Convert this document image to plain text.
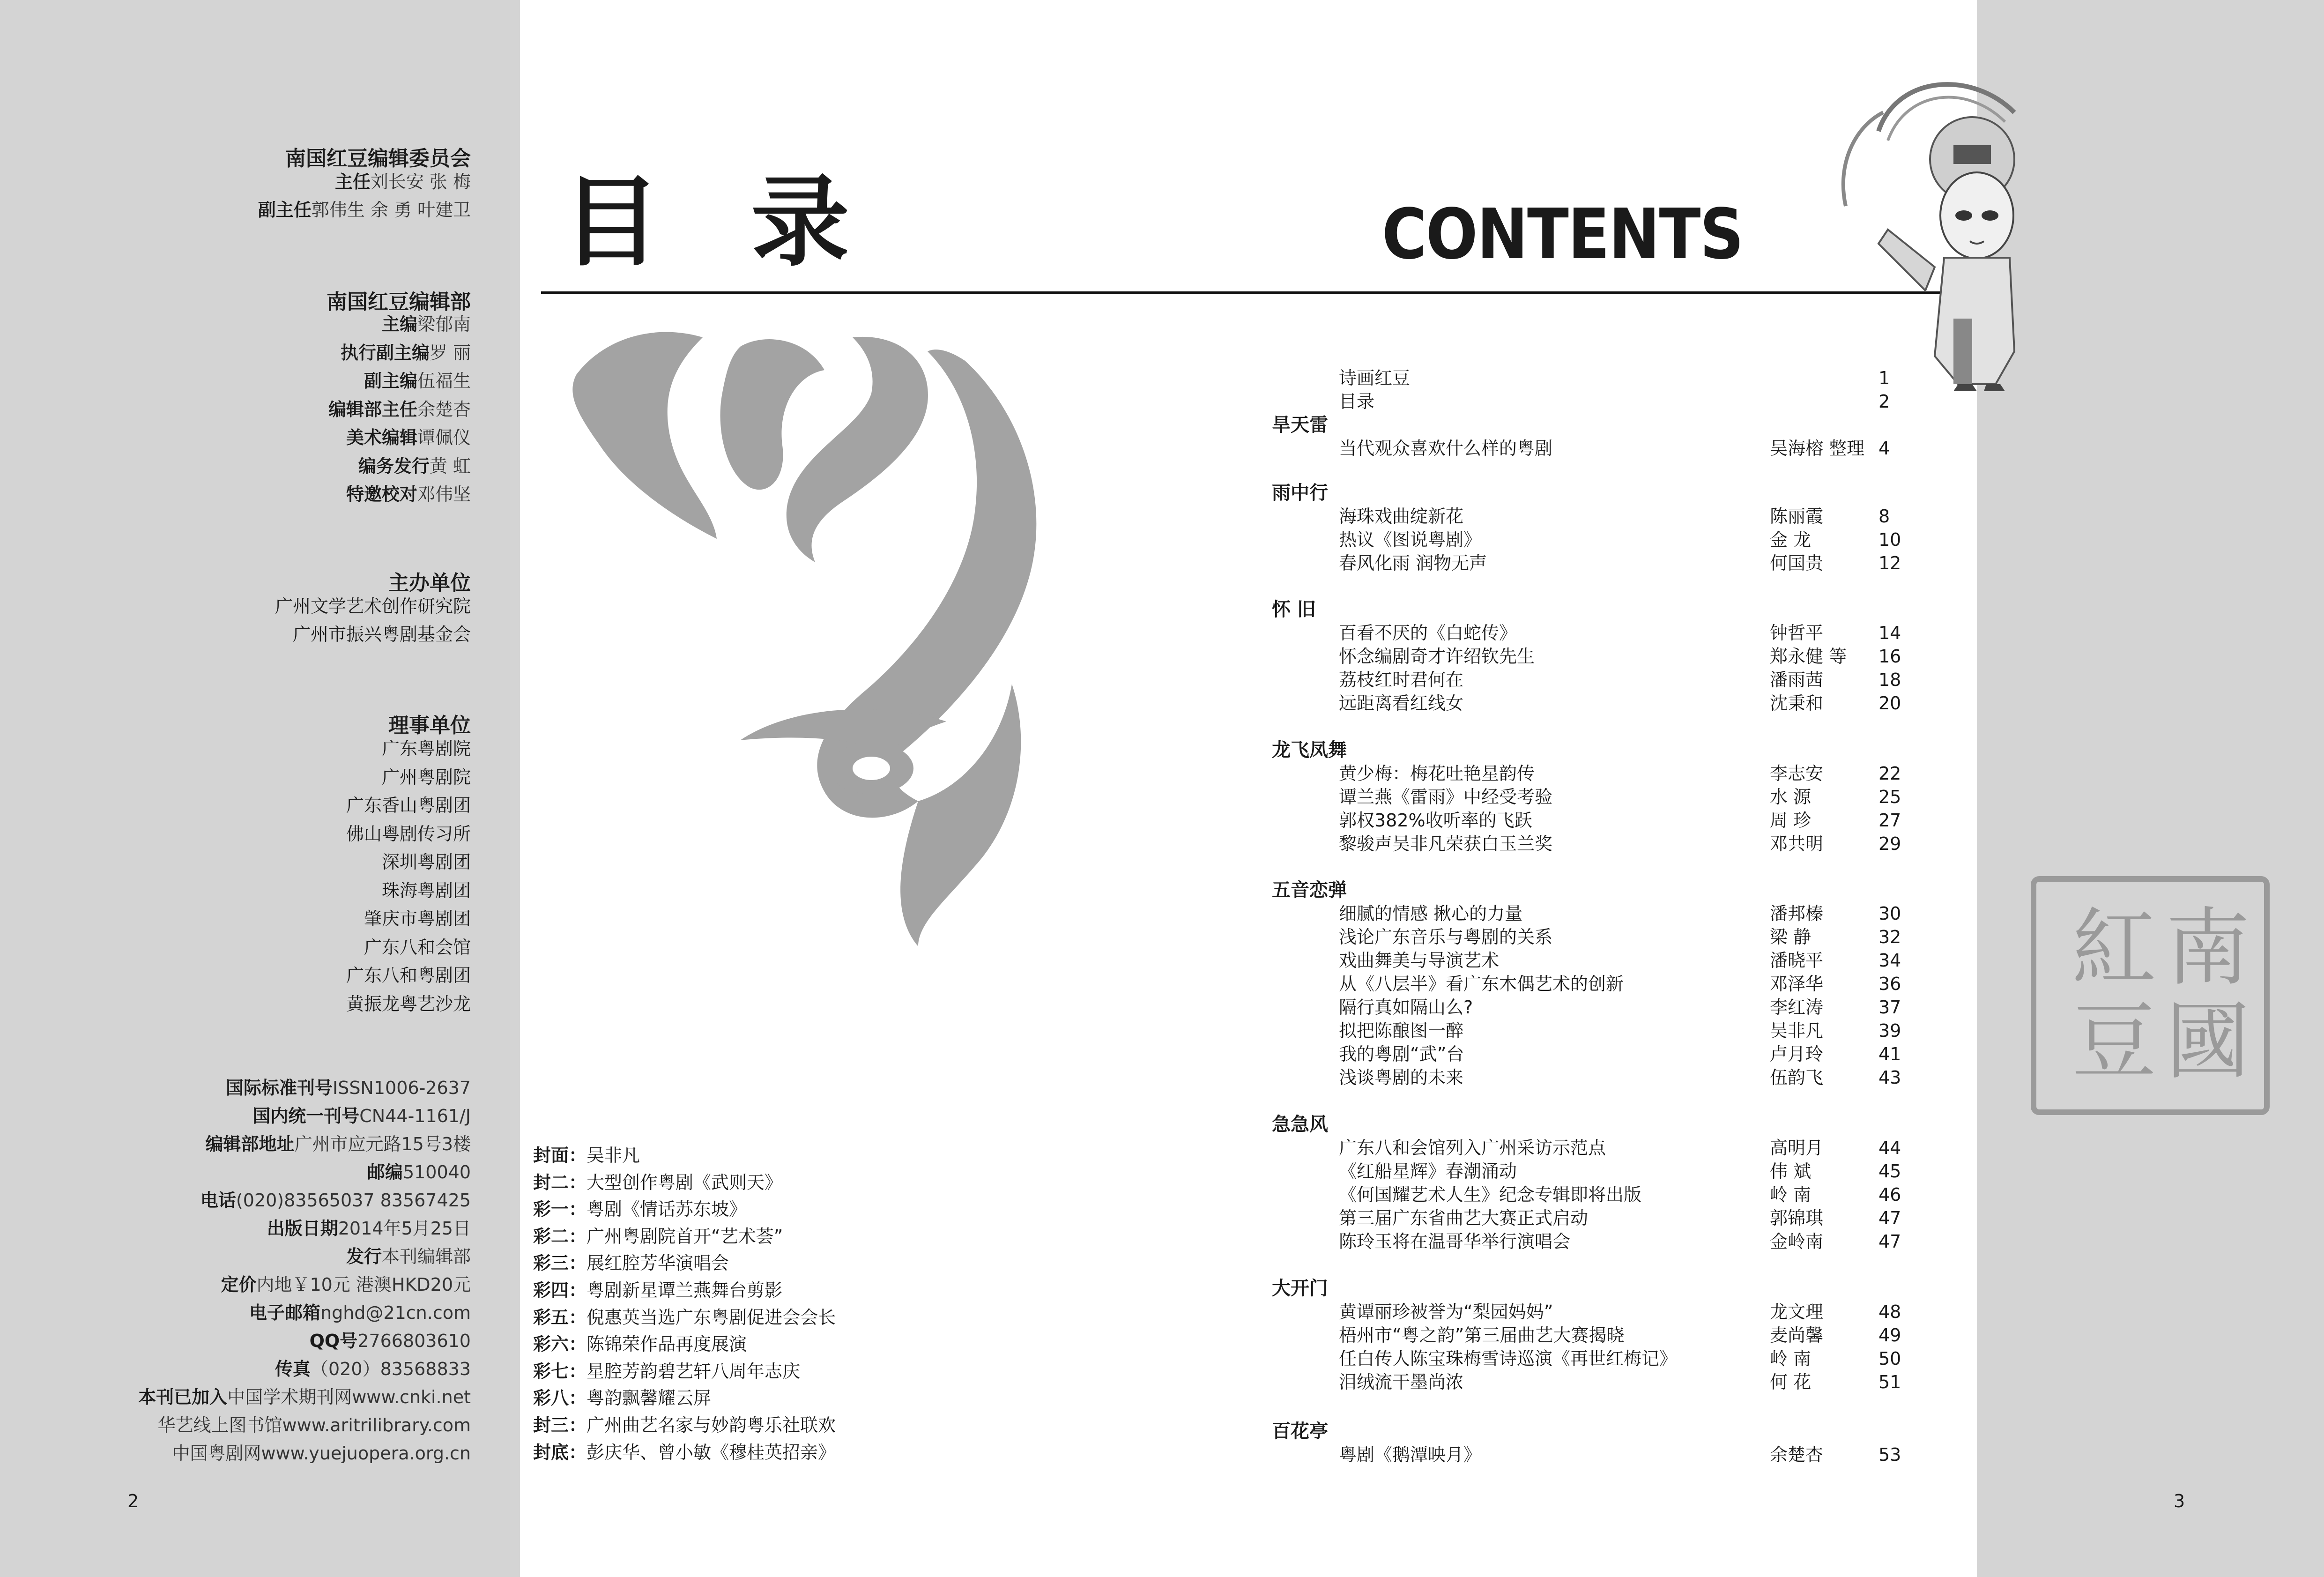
南国红豆编辑委员会
主任刘长安 张 梅
副主任郭伟生 余 勇 叶建卫
南国红豆编辑部
主编梁郁南
执行副主编罗 丽
副主编伍福生
编辑部主任余楚杏
美术编辑谭佩仪
编务发行黄 虹
特邀校对邓伟坚
主办单位
广州文学艺术创作研究院
广州市振兴粤剧基金会
理事单位
广东粤剧院
广州粤剧院
广东香山粤剧团
佛山粤剧传习所
深圳粤剧团
珠海粤剧团
肇庆市粤剧团
广东八和会馆
广东八和粤剧团
黄振龙粤艺沙龙
国际标准刊号ISSN1006-2637
国内统一刊号CN44-1161/J
编辑部地址广州市应元路15号3楼
邮编510040
电话(020)83565037 83567425
出版日期2014年5月25日
发行本刊编辑部
定价内地￥10元 港澳HKD20元
电子邮箱nghd@21cn.com
QQ号2766803610
传真（020）83568833
本刊已加入中国学术期刊网www.cnki.net
华艺线上图书馆www.aritrilibrary.com
中国粤剧网www.yuejuopera.org.cn
目 录	CONTENTS
南國紅豆
2	3
封面：吴非凡
封二：大型创作粤剧《武则天》
彩一：粤剧《情话苏东坡》
彩二：广州粤剧院首开“艺术荟”
彩三：展红腔芳华演唱会
彩四：粤剧新星谭兰燕舞台剪影
彩五：倪惠英当选广东粤剧促进会会长
彩六：陈锦荣作品再度展演
彩七：星腔芳韵碧艺轩八周年志庆
彩八：粤韵飘馨耀云屏
封三：广州曲艺名家与妙韵粤乐社联欢
封底：彭庆华、曾小敏《穆桂英招亲》
诗画红豆	1
目录	2
旱天雷
当代观众喜欢什么样的粤剧	吴海榕 整理 4
雨中行
海珠戏曲绽新花	陈丽霞	8
热议《图说粤剧》	金 龙	10
春风化雨 润物无声	何国贵	12
怀 旧
百看不厌的《白蛇传》	钟哲平	14
怀念编剧奇才许绍钦先生	郑永健 等 16
荔枝红时君何在	潘雨茜	18
远距离看红线女	沈秉和	20
龙飞凤舞
黄少梅：梅花吐艳星韵传	李志安	22
谭兰燕《雷雨》中经受考验	水 源	25
郭权382%收听率的飞跃	周 珍	27
黎骏声吴非凡荣获白玉兰奖	邓共明	29
五音恋弹
细腻的情感 揪心的力量	潘邦榛	30
浅论广东音乐与粤剧的关系	梁 静	32
戏曲舞美与导演艺术	潘晓平	34
从《八层半》看广东木偶艺术的创新	邓泽华	36
隔行真如隔山么?	李红涛	37
拟把陈酿图一醉	吴非凡	39
我的粤剧“武”台	卢月玲	41
浅谈粤剧的未来	伍韵飞	43
急急风
广东八和会馆列入广州采访示范点	高明月	44
《红船星辉》春潮涌动	伟 斌	45
《何国耀艺术人生》纪念专辑即将出版	岭 南	46
第三届广东省曲艺大赛正式启动	郭锦琪	47
陈玲玉将在温哥华举行演唱会	金岭南	47
大开门
黄谭丽珍被誉为“梨园妈妈”	龙文理	48
梧州市“粤之韵”第三届曲艺大赛揭晓	麦尚馨	49
任白传人陈宝珠梅雪诗巡演《再世红梅记》	岭 南	50
泪绒流干墨尚浓	何 花	51
百花亭
粤剧《鹅潭映月》	余楚杏	53
